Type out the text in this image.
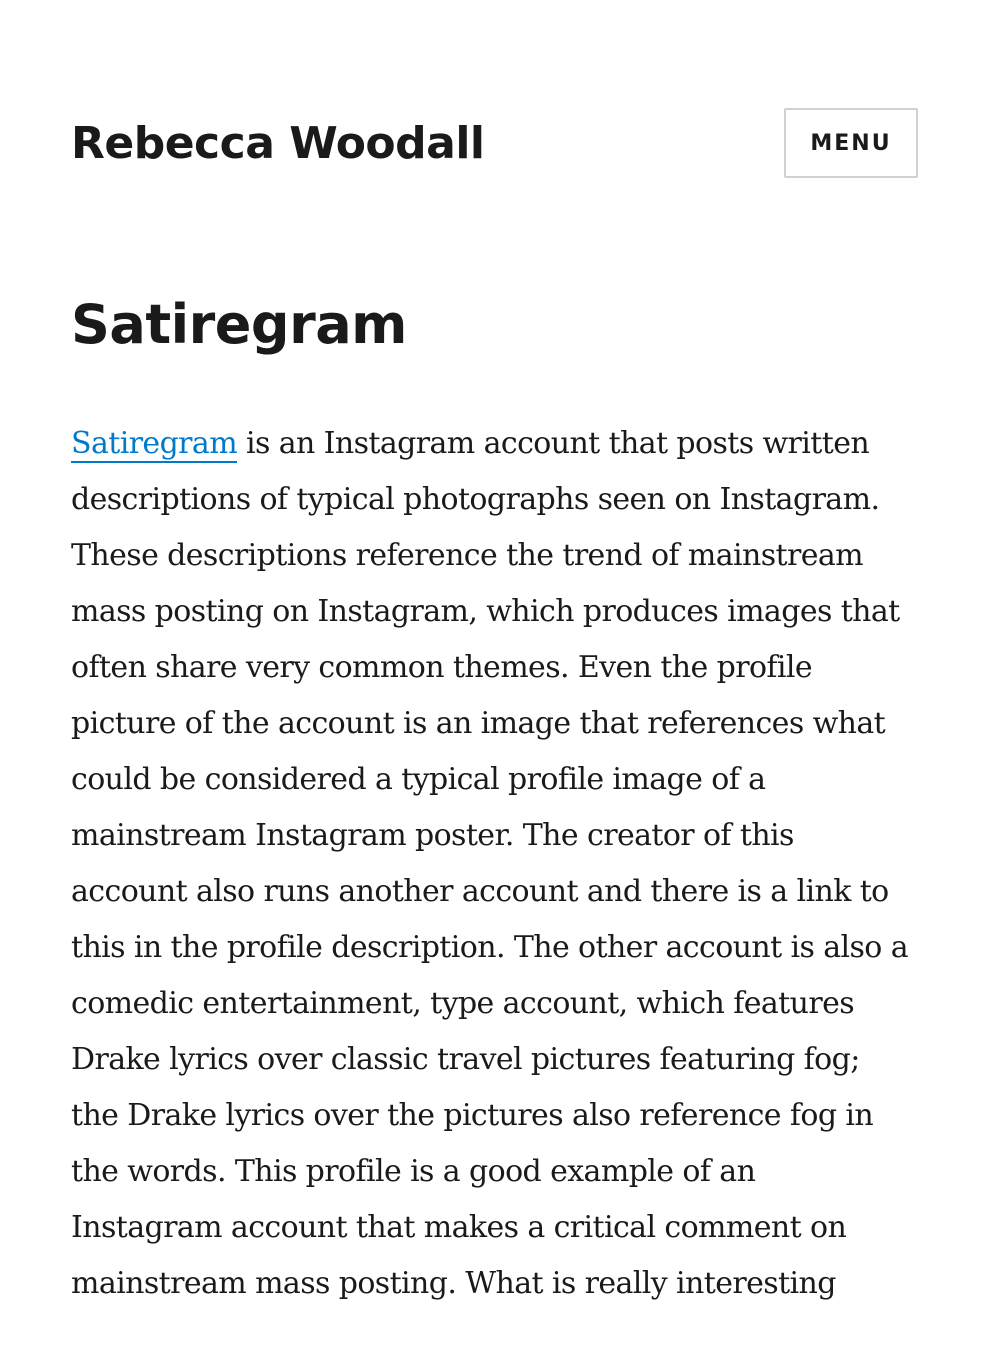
Rebecca Woodall	MENU
Satiregram

Satiregram is an Instagram account that posts written descriptions of typical photographs seen on Instagram. These descriptions reference the trend of mainstream mass posting on Instagram, which produces images that often share very common themes. Even the profile picture of the account is an image that references what could be considered a typical profile image of a mainstream Instagram poster. The creator of this account also runs another account and there is a link to this in the profile description. The other account is also a comedic entertainment, type account, which features Drake lyrics over classic travel pictures featuring fog; the Drake lyrics over the pictures also reference fog in the words. This profile is a good example of an Instagram account that makes a critical comment on mainstream mass posting. What is really interesting
